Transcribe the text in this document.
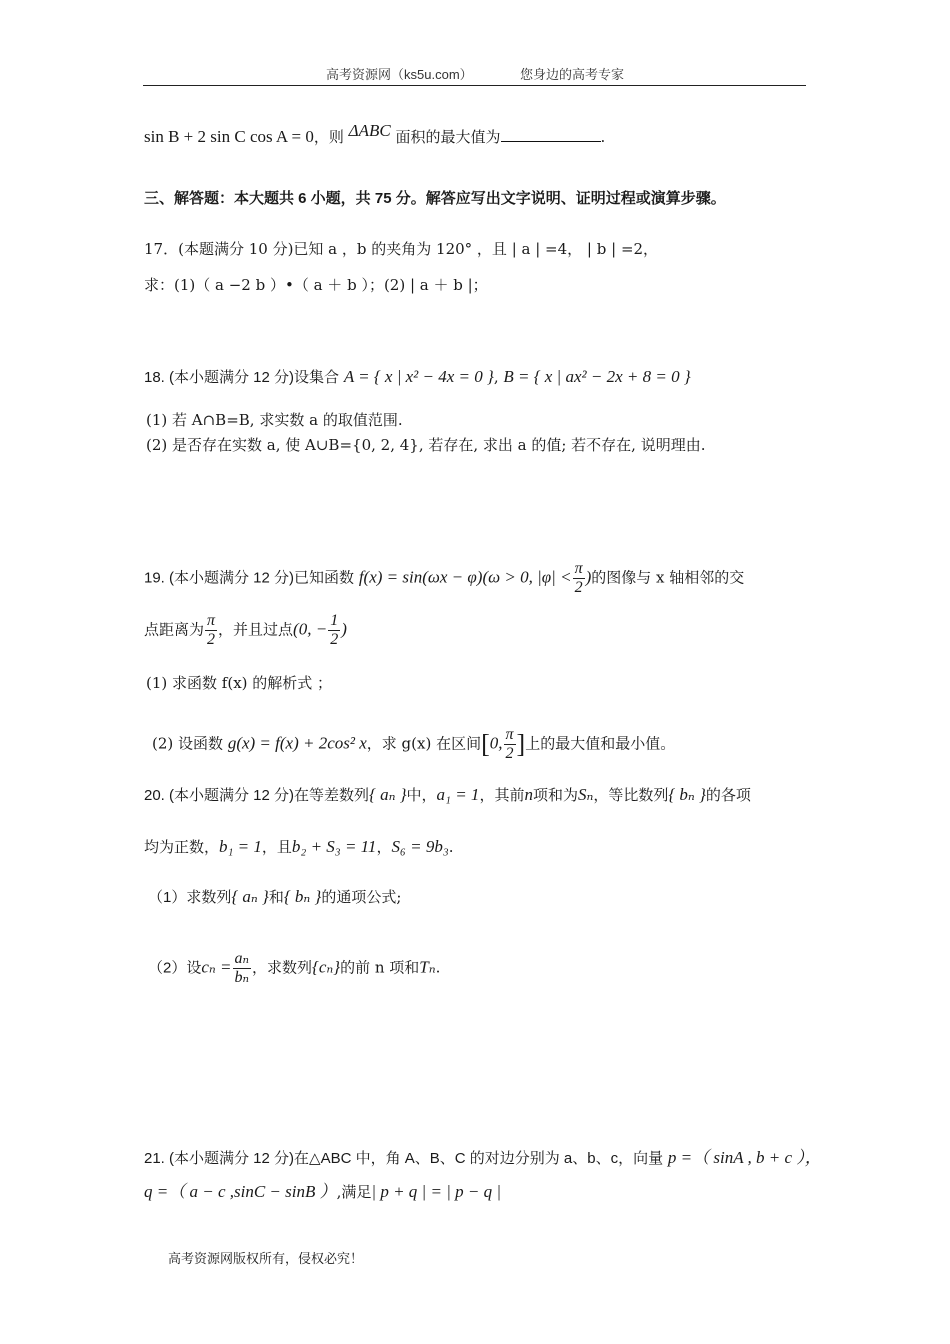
高考资源网（ks5u.com）	您身边的高考专家
sin B + 2 sin C cos A = 0，则 ΔABC 面积的最大值为	.
三、解答题：本大题共 6 小题，共 75 分。解答应写出文字说明、证明过程或演算步骤。
17．(本题满分 10 分)已知 a ，b 的夹角为 120° ，且 | a | =4， | b | =2，
求：(1)（ a −2 b ）•（ a ＋ b ）；(2) | a ＋ b |；
18. (本小题满分 12 分)设集合 A = { x | x² − 4x = 0 }, B = { x | ax² − 2x + 8 = 0 }
(1) 若 A∩B=B, 求实数 a 的取值范围.
(2) 是否存在实数 a, 使 A∪B={0, 2, 4}, 若存在, 求出 a 的值; 若不存在, 说明理由.
19. (本小题满分 12 分)已知函数 f(x) = sin(ωx − φ)(ω > 0, $|\varphi| < \frac{\pi}{2}$ )的图像与 x 轴相邻的交
点距离为 $\frac{\pi}{2}$ ，并且过点(0, − $\frac{1}{2}$ )
(1) 求函数 f(x) 的解析式 ；
(2) 设函数 g(x) = f(x) + 2cos² x，求 g(x) 在区间[0, $\frac{\pi}{2}$ ]上的最大值和最小值。
20. (本小题满分 12 分)在等差数列{ aₙ }中，a₁ = 1，其前n项和为Sₙ，等比数列{ bₙ }的各项
均为正数，b₁ = 1，且b₂ + S₃ = 11，S₆ = 9b₃.
（1）求数列{ aₙ }和{ bₙ }的通项公式;
（2）设$c_n = \frac{\text{aₙ}}{\text{bₙ}}$ ，求数列{cₙ}的前 n 项和Tₙ.
21. (本小题满分 12 分)在△ABC 中，角 A、B、C 的对边分别为 a、b、c，向量 p =（ sinA , b + c ），
q =（ a − c ,sinC − sinB ）,满足| p + q | = | p − q |
高考资源网版权所有，侵权必究！
